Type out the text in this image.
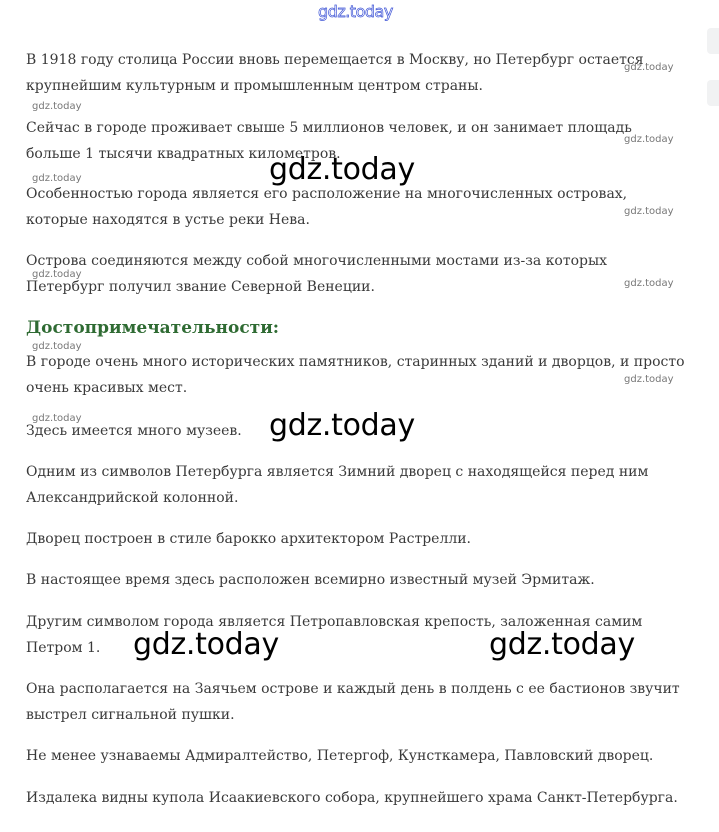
gdz.today

В 1918 году столица России вновь перемещается в Москву, но Петербург остается крупнейшим культурным и промышленным центром страны.

Сейчас в городе проживает свыше 5 миллионов человек, и он занимает площадь больше 1 тысячи квадратных километров.

Особенностью города является его расположение на многочисленных островах, которые находятся в устье реки Нева.

Острова соединяются между собой многочисленными мостами из-за которых Петербург получил звание Северной Венеции.

Достопримечательности:

В городе очень много исторических памятников, старинных зданий и дворцов, и просто очень красивых мест.

Здесь имеется много музеев.

Одним из символов Петербурга является Зимний дворец с находящейся перед ним Александрийской колонной.

Дворец построен в стиле барокко архитектором Растрелли.

В настоящее время здесь расположен всемирно известный музей Эрмитаж.

Другим символом города является Петропавловская крепость, заложенная самим Петром 1.

Она располагается на Заячьем острове и каждый день в полдень с ее бастионов звучит выстрел сигнальной пушки.

Не менее узнаваемы Адмиралтейство, Петергоф, Кунсткамера, Павловский дворец.

Издалека видны купола Исаакиевского собора, крупнейшего храма Санкт-Петербурга.

gdz.today
gdz.today
gdz.today
gdz.today
gdz.today
gdz.today
gdz.today
gdz.today
gdz.today
gdz.today
gdz.today
gdz.today
gdz.today	gdz.today
